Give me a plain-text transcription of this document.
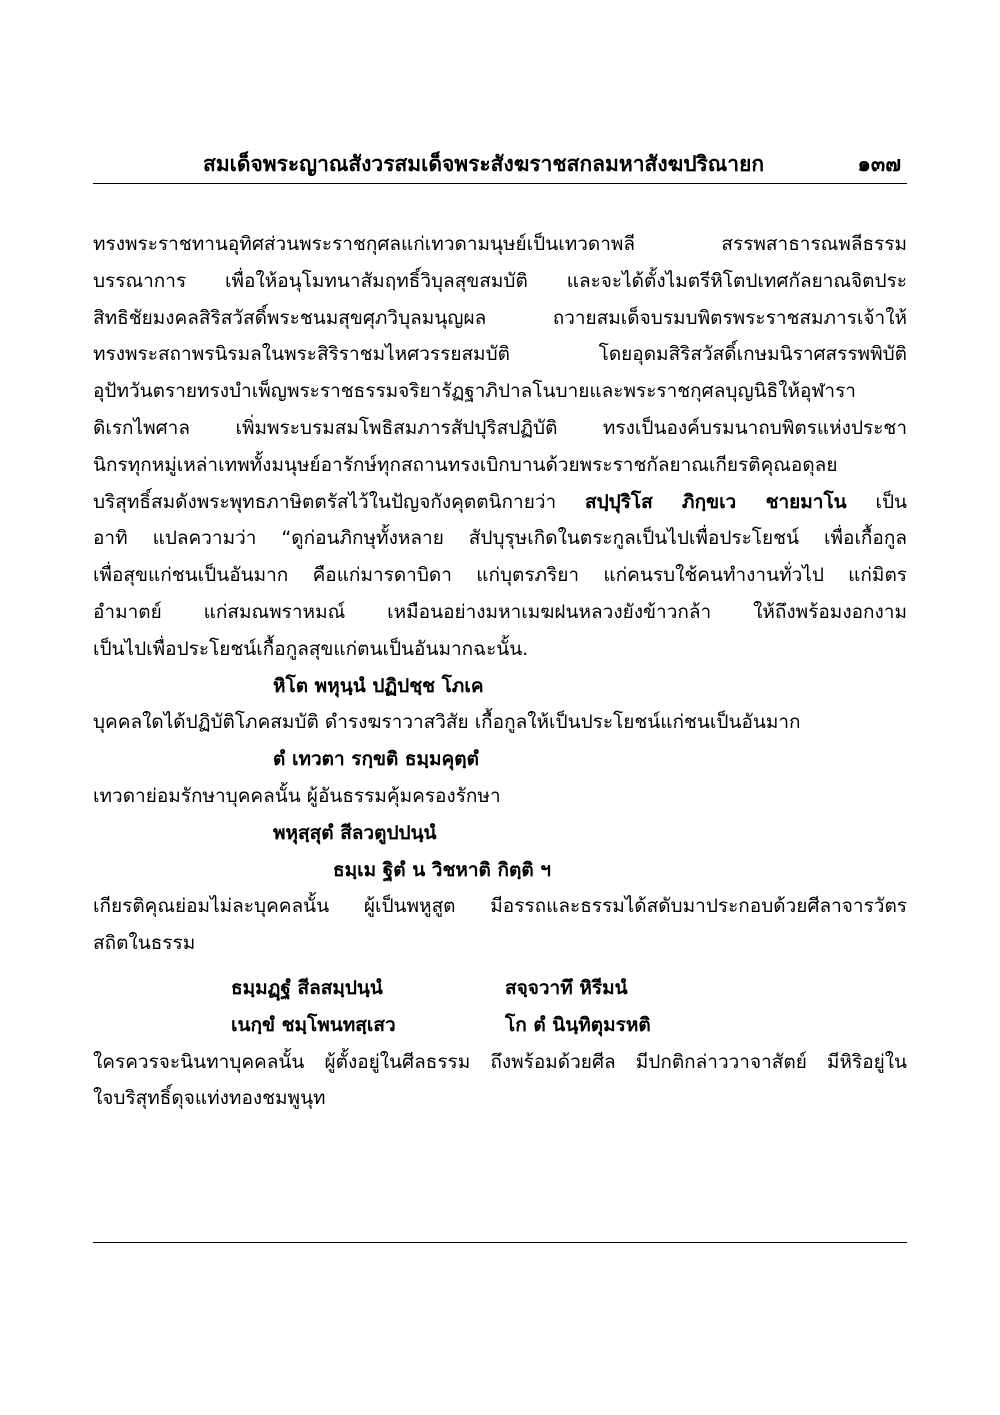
สมเด็จพระญาณสังวรสมเด็จพระสังฆราชสกลมหาสังฆปริณายก	๑๓๗
ทรงพระราชทานอุทิศส่วนพระราชกุศลแก่เทวดามนุษย์เป็นเทวดาพลี สรรพสาธารณพลีธรรม
บรรณาการ เพื่อให้อนุโมทนาสัมฤทธิ์วิบุลสุขสมบัติ และจะได้ตั้งไมตรีหิโตปเทศกัลยาณจิตประ
สิทธิชัยมงคลสิริสวัสดิ์พระชนมสุขศุภวิบุลมนุญผล ถวายสมเด็จบรมบพิตรพระราชสมภารเจ้าให้
ทรงพระสถาพรนิรมลในพระสิริราชมไหศวรรยสมบัติ โดยอุดมสิริสวัสดิ์เกษมนิราศสรรพพิบัติ
อุปัทวันตรายทรงบำเพ็ญพระราชธรรมจริยารัฏฐาภิปาลโนบายและพระราชกุศลบุญนิธิให้อุฬารา
ดิเรกไพศาล เพิ่มพระบรมสมโพธิสมภารสัปปุริสปฏิบัติ ทรงเป็นองค์บรมนาถบพิตรแห่งประชา
นิกรทุกหมู่เหล่าเทพทั้งมนุษย์อารักษ์ทุกสถานทรงเบิกบานด้วยพระราชกัลยาณเกียรติคุณอดุลย
บริสุทธิ์สมดังพระพุทธภาษิตตรัสไว้ในปัญจกังคุตตนิกายว่า สปฺปุริโส ภิกฺขเว ชายมาโน เป็น
อาทิ แปลความว่า “ดูก่อนภิกษุทั้งหลาย สัปบุรุษเกิดในตระกูลเป็นไปเพื่อประโยชน์ เพื่อเกื้อกูล
เพื่อสุขแก่ชนเป็นอันมาก คือแก่มารดาบิดา แก่บุตรภริยา แก่คนรบใช้คนทำงานทั่วไป แก่มิตร
อำมาตย์ แก่สมณพราหมณ์ เหมือนอย่างมหาเมฆฝนหลวงยังข้าวกล้า ให้ถึงพร้อมงอกงาม
เป็นไปเพื่อประโยชน์เกื้อกูลสุขแก่ตนเป็นอันมากฉะนั้น.
หิโต พหุนฺนํ ปฏิปชฺช โภเค
บุคคลใดได้ปฏิบัติโภคสมบัติ ดำรงฆราวาสวิสัย เกื้อกูลให้เป็นประโยชน์แก่ชนเป็นอันมาก
ตํ เทวตา รกฺขติ ธมฺมคุตฺตํ
เทวดาย่อมรักษาบุคคลนั้น ผู้อันธรรมคุ้มครองรักษา
พหุสฺสุตํ สีลวตูปปนฺนํ
ธมฺเม ฐิตํ น วิชหาติ กิตฺติ ฯ
เกียรติคุณย่อมไม่ละบุคคลนั้น ผู้เป็นพหูสูต มีอรรถและธรรมได้สดับมาประกอบด้วยศีลาจารวัตร
สถิตในธรรม
ธมฺมฏฺฐํ สีลสมฺปนฺนํ	สจฺจวาทึ หิรีมนํ
เนกฺขํ ชมฺโพนทสฺเสว	โก ตํ นินฺทิตุมรหติ
ใครควรจะนินทาบุคคลนั้น ผู้ตั้งอยู่ในศีลธรรม ถึงพร้อมด้วยศีล มีปกติกล่าววาจาสัตย์ มีหิริอยู่ใน
ใจบริสุทธิ์ดุจแท่งทองชมพูนุท
